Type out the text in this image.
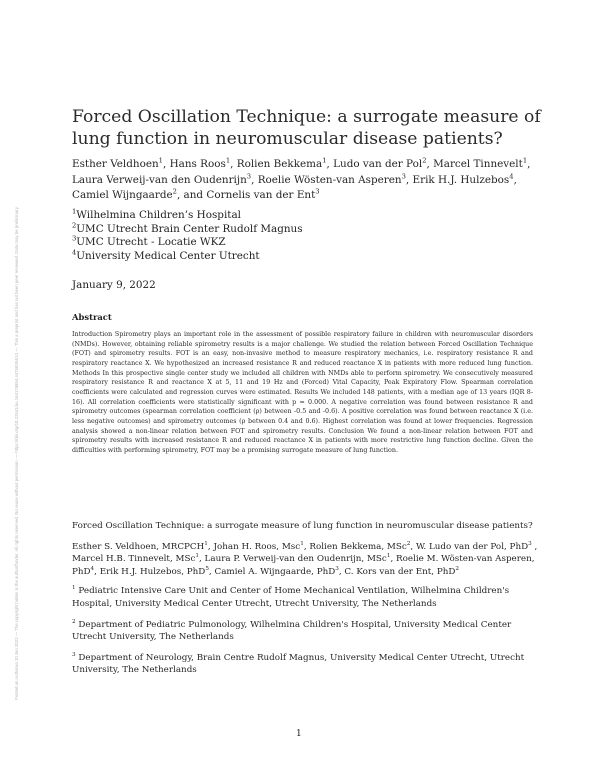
Posted on Authorea 10 Jan 2022 — The copyright holder is the author/funder. All rights reserved. No reuse without permission. — https://doi.org/10.22541/au.164176894.44758394/v1 — This a preprint and has not been peer reviewed. Data may be preliminary.
Forced Oscillation Technique: a surrogate measure of lung function in neuromuscular disease patients?
Esther Veldhoen$^1$, Hans Roos$^1$, Rolien Bekkema$^1$, Ludo van der Pol$^2$, Marcel Tinnevelt$^1$, Laura Verweij-van den Oudenrijn$^3$, Roelie Wösten-van Asperen$^3$, Erik H.J. Hulzebos$^4$, Camiel Wijngaarde$^2$, and Cornelis van der Ent$^3$
$^1$Wilhelmina Children’s Hospital
$^2$UMC Utrecht Brain Center Rudolf Magnus
$^3$UMC Utrecht - Locatie WKZ
$^4$University Medical Center Utrecht
January 9, 2022
Abstract
Introduction Spirometry plays an important role in the assessment of possible respiratory failure in children with neuromuscular disorders (NMDs). However, obtaining reliable spirometry results is a major challenge. We studied the relation between Forced Oscillation Technique (FOT) and spirometry results. FOT is an easy, non-invasive method to measure respiratory mechanics, i.e. respiratory resistance R and respiratory reactance X. We hypothesized an increased resistance R and reduced reactance X in patients with more reduced lung function. Methods In this prospective single center study we included all children with NMDs able to perform spirometry. We consecutively measured respiratory resistance R and reactance X at 5, 11 and 19 Hz and (Forced) Vital Capacity, Peak Expiratory Flow. Spearman correlation coefficients were calculated and regression curves were estimated. Results We included 148 patients, with a median age of 13 years (IQR 8-16). All correlation coefficients were statistically significant with p = 0.000. A negative correlation was found between resistance R and spirometry outcomes (spearman correlation coefficient (ρ) between -0.5 and -0.6). A positive correlation was found between reactance X (i.e. less negative outcomes) and spirometry outcomes (ρ between 0.4 and 0.6). Highest correlation was found at lower frequencies. Regression analysis showed a non-linear relation between FOT and spirometry results. Conclusion We found a non-linear relation between FOT and spirometry results with increased resistance R and reduced reactance X in patients with more restrictive lung function decline. Given the difficulties with performing spirometry, FOT may be a promising surrogate measure of lung function.

Forced Oscillation Technique: a surrogate measure of lung function in neuromuscular disease patients?

Esther S. Veldhoen, MRCPCH$^1$, Johan H. Roos, Msc$^1$, Rolien Bekkema, MSc$^2$, W. Ludo van der Pol, PhD$^3$ , Marcel H.B. Tinnevelt, MSc$^1$, Laura P. Verweij-van den Oudenrijn, MSc$^1$, Roelie M. Wösten-van Asperen, PhD$^4$, Erik H.J. Hulzebos, PhD$^5$, Camiel A. Wijngaarde, PhD$^3$, C. Kors van der Ent, PhD$^2$

$^1$ Pediatric Intensive Care Unit and Center of Home Mechanical Ventilation, Wilhelmina Children's Hospital, University Medical Center Utrecht, Utrecht University, The Netherlands

$^2$ Department of Pediatric Pulmonology, Wilhelmina Children's Hospital, University Medical Center Utrecht University, The Netherlands

$^3$ Department of Neurology, Brain Centre Rudolf Magnus, University Medical Center Utrecht, Utrecht University, The Netherlands

1
